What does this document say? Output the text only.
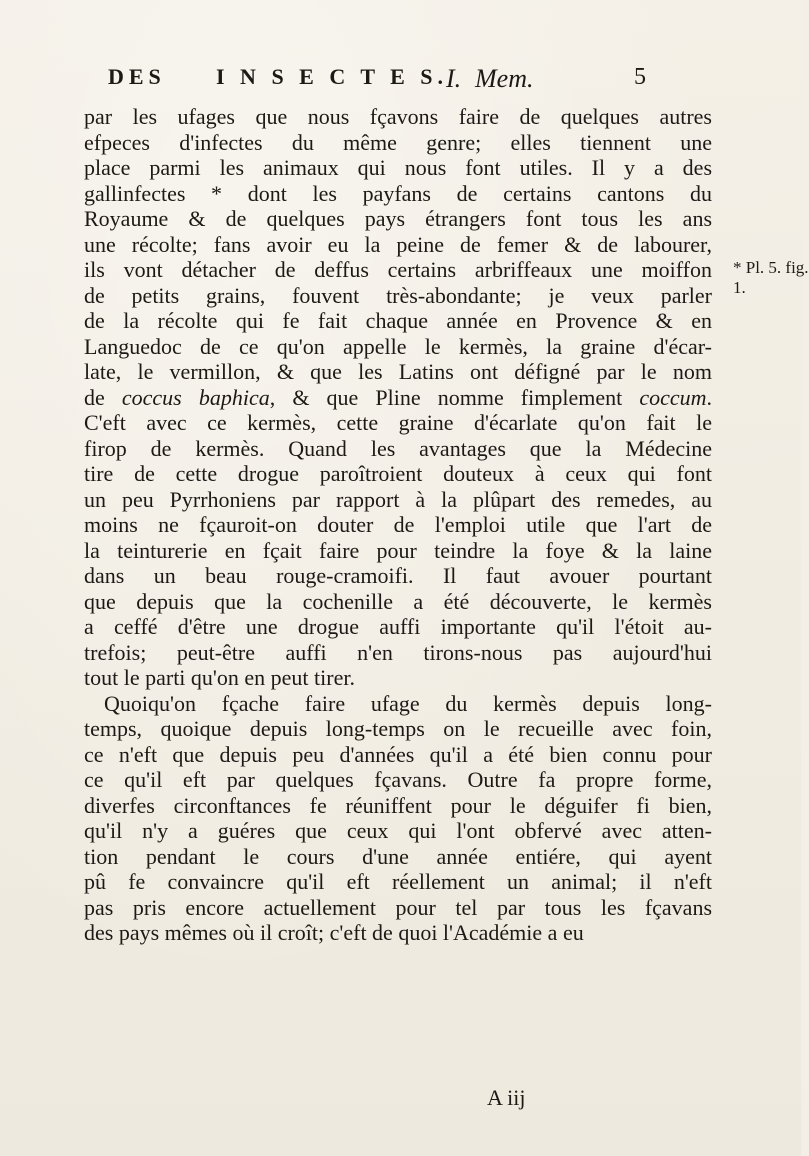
DES I N S E C T E S.
I. Mem.	5
par les ufages que nous fçavons faire de quelques autres
efpeces d'infectes du même genre; elles tiennent une
place parmi les animaux qui nous font utiles. Il y a des
gallinfectes * dont les payfans de certains cantons du
Royaume & de quelques pays étrangers font tous les ans
une récolte; fans avoir eu la peine de femer & de labourer,
ils vont détacher de deffus certains arbriffeaux une moiffon
de petits grains, fouvent très-abondante; je veux parler
de la récolte qui fe fait chaque année en Provence & en
Languedoc de ce qu'on appelle le kermès, la graine d'écar-
late, le vermillon, & que les Latins ont défigné par le nom
de coccus baphica, & que Pline nomme fimplement coccum.
C'eft avec ce kermès, cette graine d'écarlate qu'on fait le
firop de kermès. Quand les avantages que la Médecine
tire de cette drogue paroîtroient douteux à ceux qui font
un peu Pyrrhoniens par rapport à la plûpart des remedes, au
moins ne fçauroit-on douter de l'emploi utile que l'art de
la teinturerie en fçait faire pour teindre la foye & la laine
dans un beau rouge-cramoifi. Il faut avouer pourtant
que depuis que la cochenille a été découverte, le kermès
a ceffé d'être une drogue auffi importante qu'il l'étoit au-
trefois; peut-être auffi n'en tirons-nous pas aujourd'hui
tout le parti qu'on en peut tirer.
Quoiqu'on fçache faire ufage du kermès depuis long-
temps, quoique depuis long-temps on le recueille avec foin,
ce n'eft que depuis peu d'années qu'il a été bien connu pour
ce qu'il eft par quelques fçavans. Outre fa propre forme,
diverfes circonftances fe réuniffent pour le déguifer fi bien,
qu'il n'y a guéres que ceux qui l'ont obfervé avec atten-
tion pendant le cours d'une année entiére, qui ayent
pû fe convaincre qu'il eft réellement un animal; il n'eft
pas pris encore actuellement pour tel par tous les fçavans
des pays mêmes où il croît; c'eft de quoi l'Académie a eu
* Pl. 5. fig.
1.
A iij
